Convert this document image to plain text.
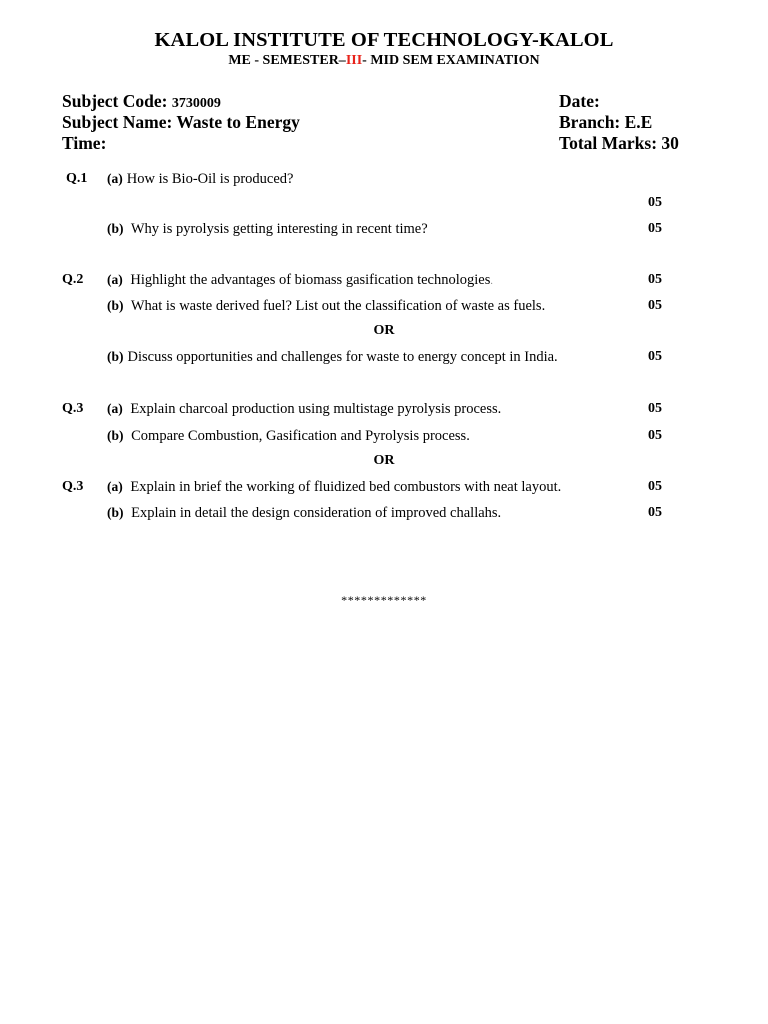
KALOL INSTITUTE OF TECHNOLOGY-KALOL
ME - SEMESTER–III- MID SEM EXAMINATION
Subject Code: 3730009
Subject Name: Waste to Energy
Time:
Date:
Branch: E.E
Total Marks: 30
Q.1 (a) How is Bio-Oil is produced?
05
(b) Why is pyrolysis getting interesting in recent time?	05
Q.2 (a) Highlight the advantages of biomass gasification technologies.	05
(b) What is waste derived fuel? List out the classification of waste as fuels.	05
OR
(b) Discuss opportunities and challenges for waste to energy concept in India.	05
Q.3 (a) Explain charcoal production using multistage pyrolysis process.	05
(b) Compare Combustion, Gasification and Pyrolysis process.	05
OR
Q.3 (a) Explain in brief the working of fluidized bed combustors with neat layout.	05
(b) Explain in detail the design consideration of improved challahs.	05
*************
